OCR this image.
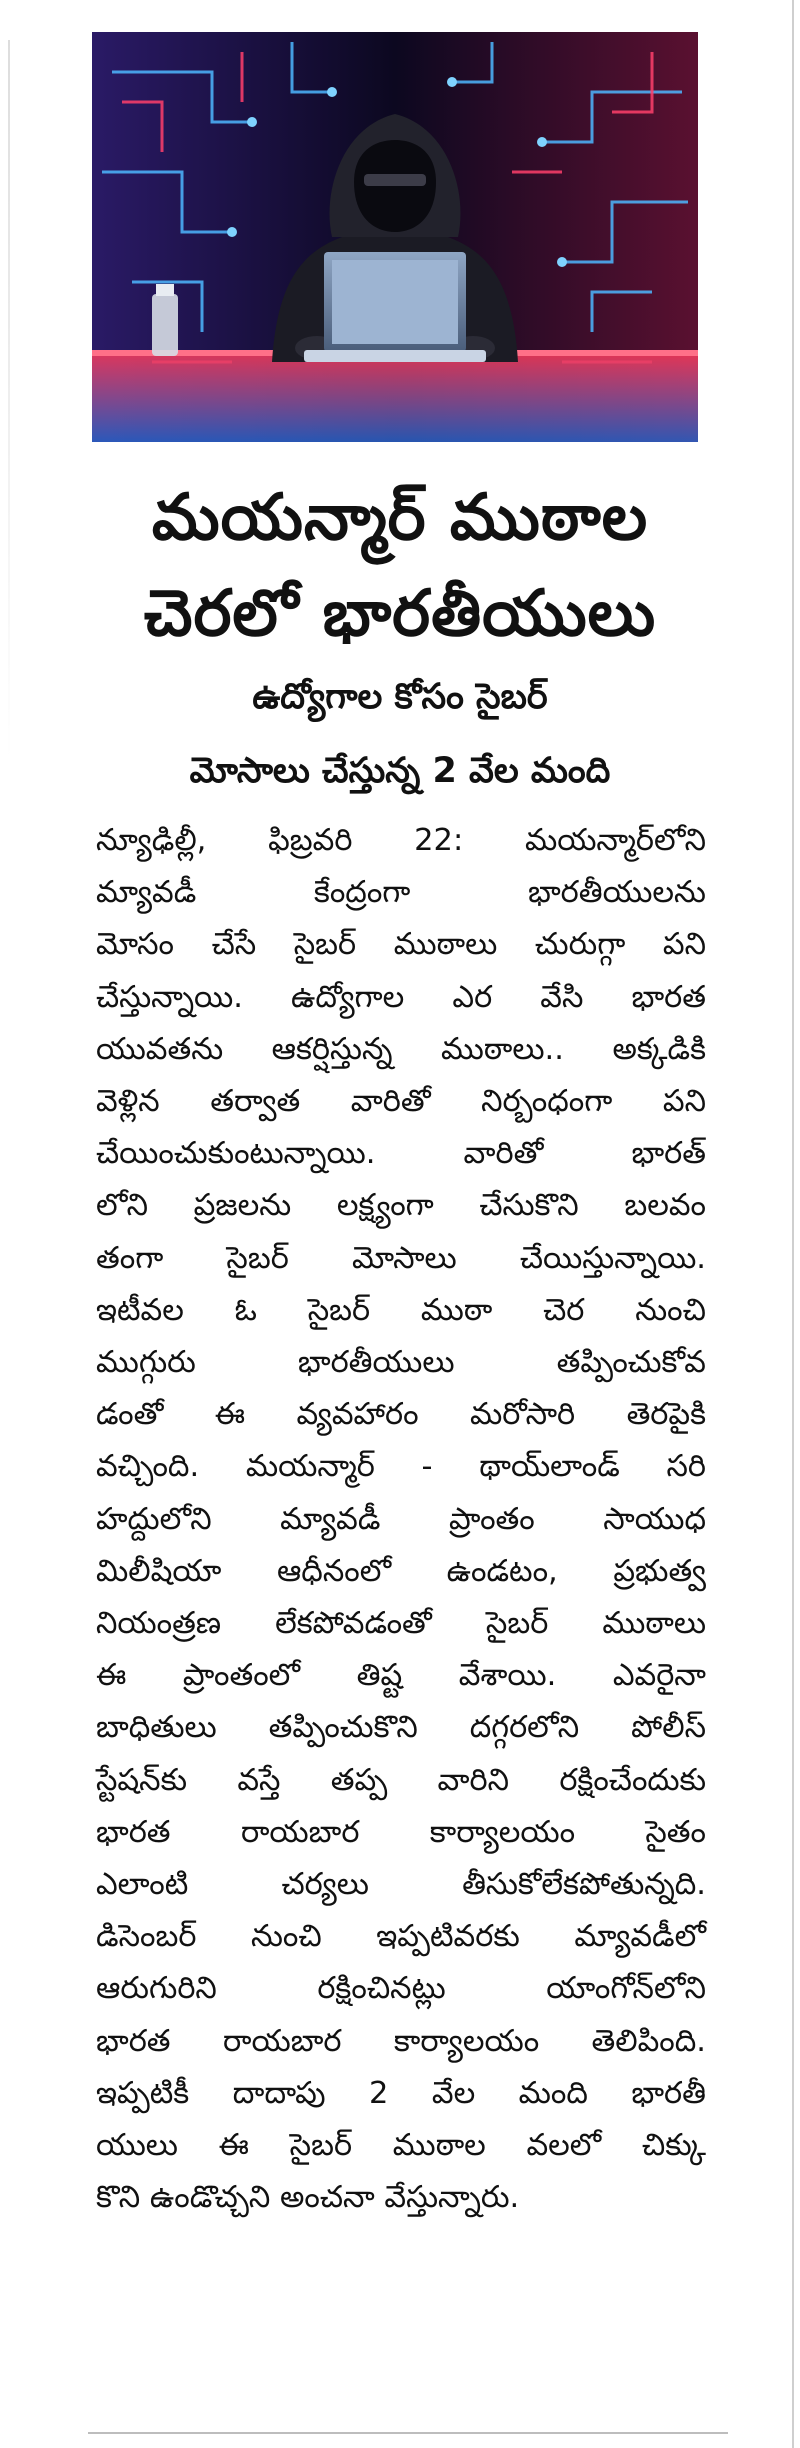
మయన్మార్ ముఠాల
చెరలో భారతీయులు
ఉద్యోగాల కోసం సైబర్
మోసాలు చేస్తున్న 2 వేల మంది
న్యూఢిల్లీ, ఫిబ్రవరి 22: మయన్మార్‌లోని
మ్యావడీ కేంద్రంగా భారతీయులను
మోసం చేసే సైబర్ ముఠాలు చురుగ్గా పని
చేస్తున్నాయి. ఉద్యోగాల ఎర వేసి భారత
యువతను ఆకర్షిస్తున్న ముఠాలు.. అక్కడికి
వెళ్లిన తర్వాత వారితో నిర్బంధంగా పని
చేయించుకుంటున్నాయి. వారితో భారత్
లోని ప్రజలను లక్ష్యంగా చేసుకొని బలవం
తంగా సైబర్ మోసాలు చేయిస్తున్నాయి.
ఇటీవల ఓ సైబర్ ముఠా చెర నుంచి
ముగ్గురు భారతీయులు తప్పించుకోవ
డంతో ఈ వ్యవహారం మరోసారి తెరపైకి
వచ్చింది. మయన్మార్ - థాయ్‌లాండ్ సరి
హద్దులోని మ్యావడీ ప్రాంతం సాయుధ
మిలీషియా ఆధీనంలో ఉండటం, ప్రభుత్వ
నియంత్రణ లేకపోవడంతో సైబర్ ముఠాలు
ఈ ప్రాంతంలో తిష్ట వేశాయి. ఎవరైనా
బాధితులు తప్పించుకొని దగ్గరలోని పోలీస్
స్టేషన్‌కు వస్తే తప్ప వారిని రక్షించేందుకు
భారత రాయబార కార్యాలయం సైతం
ఎలాంటి చర్యలు తీసుకోలేకపోతున్నది.
డిసెంబర్ నుంచి ఇప్పటివరకు మ్యావడీలో
ఆరుగురిని రక్షించినట్లు యాంగోన్‌లోని
భారత రాయబార కార్యాలయం తెలిపింది.
ఇప్పటికీ దాదాపు 2 వేల మంది భారతీ
యులు ఈ సైబర్ ముఠాల వలలో చిక్కు
కొని ఉండొచ్చని అంచనా వేస్తున్నారు.
